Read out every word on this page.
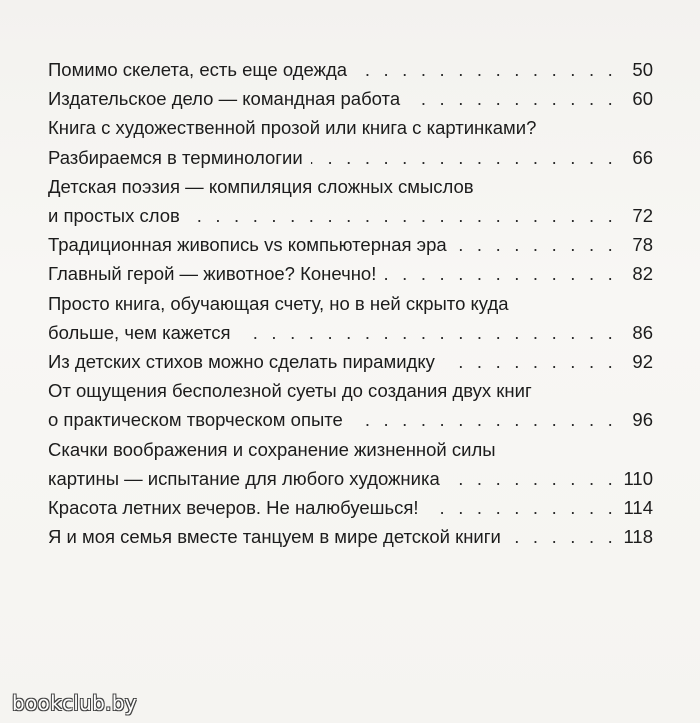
Помимо скелета, есть еще одежда . . .	50
Издательское дело — командная работа . . .	60
Книга с художественной прозой или книга с картинками?
Разбираемся в терминологии . . .	66
Детская поэзия — компиляция сложных смыслов
и простых слов . . .	72
Традиционная живопись vs компьютерная эра . . .	78
Главный герой — животное? Конечно! . . .	82
Просто книга, обучающая счету, но в ней скрыто куда
больше, чем кажется . . .	86
Из детских стихов можно сделать пирамидку . . .	92
От ощущения бесполезной суеты до создания двух книг
о практическом творческом опыте . . .	96
Скачки воображения и сохранение жизненной силы
картины — испытание для любого художника . . .	110
Красота летних вечеров. Не налюбуешься! . . .	114
Я и моя семья вместе танцуем в мире детской книги . . .	118
bookclub.by
